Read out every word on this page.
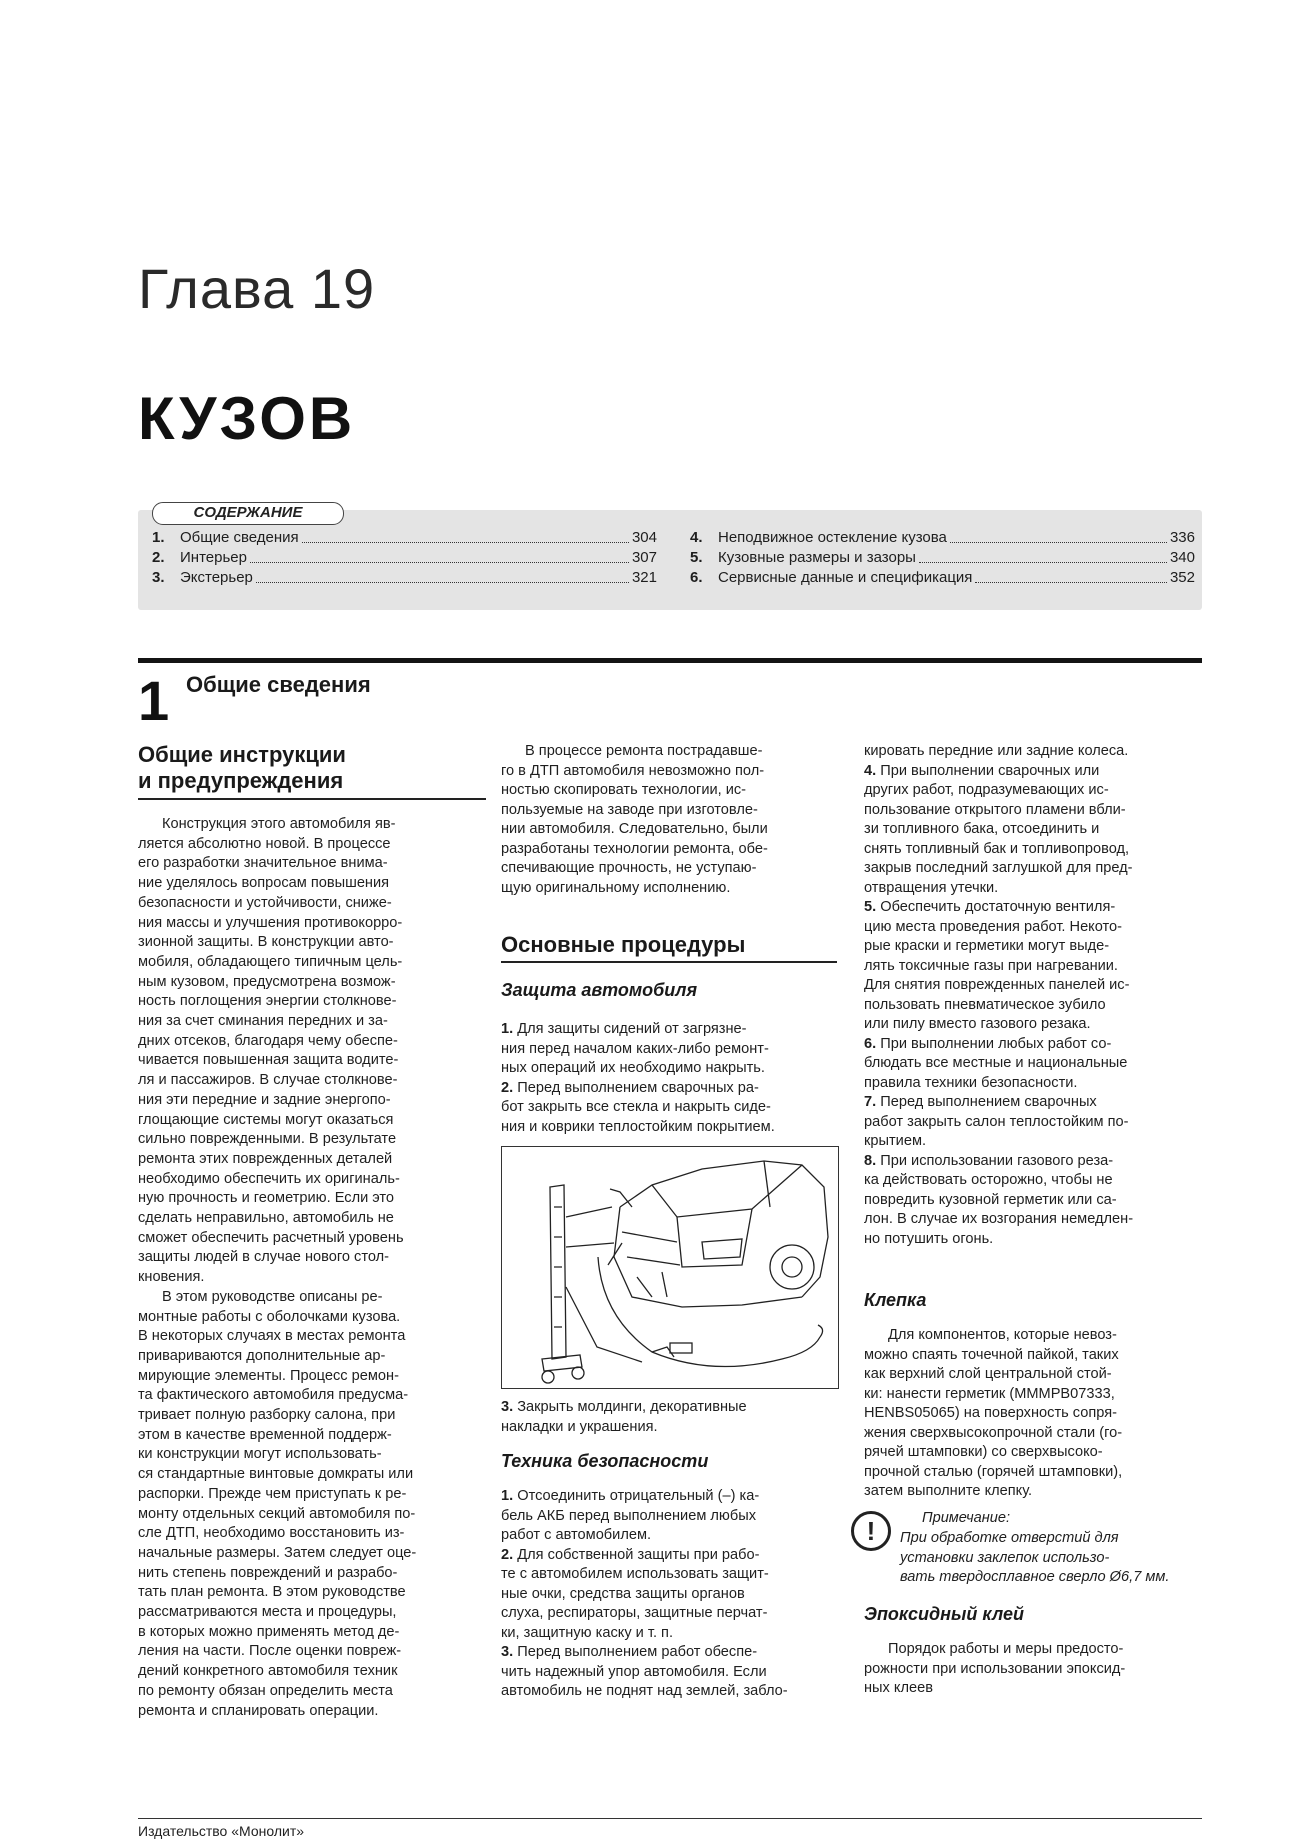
Глава 19
КУЗОВ
СОДЕРЖАНИЕ
1.	Общие сведения	304
2.	Интерьер	307
3.	Экстерьер	321
4.	Неподвижное остекление кузова	336
5.	Кузовные размеры и зазоры	340
6.	Сервисные данные и спецификация	352
1 Общие сведения
Общие инструкции
и предупреждения
Конструкция этого автомобиля яв-
ляется абсолютно новой. В процессе
его разработки значительное внима-
ние уделялось вопросам повышения
безопасности и устойчивости, сниже-
ния массы и улучшения противокорро-
зионной защиты. В конструкции авто-
мобиля, обладающего типичным цель-
ным кузовом, предусмотрена возмож-
ность поглощения энергии столкнове-
ния за счет сминания передних и за-
дних отсеков, благодаря чему обеспе-
чивается повышенная защита водите-
ля и пассажиров. В случае столкнове-
ния эти передние и задние энергопо-
глощающие системы могут оказаться
сильно поврежденными. В результате
ремонта этих поврежденных деталей
необходимо обеспечить их оригиналь-
ную прочность и геометрию. Если это
сделать неправильно, автомобиль не
сможет обеспечить расчетный уровень
защиты людей в случае нового стол-
кновения.
В этом руководстве описаны ре-
монтные работы с оболочками кузова.
В некоторых случаях в местах ремонта
привариваются дополнительные ар-
мирующие элементы. Процесс ремон-
та фактического автомобиля предусма-
тривает полную разборку салона, при
этом в качестве временной поддерж-
ки конструкции могут использовать-
ся стандартные винтовые домкраты или
распорки. Прежде чем приступать к ре-
монту отдельных секций автомобиля по-
сле ДТП, необходимо восстановить из-
начальные размеры. Затем следует оце-
нить степень повреждений и разрабо-
тать план ремонта. В этом руководстве
рассматриваются места и процедуры,
в которых можно применять метод де-
ления на части. После оценки повреж-
дений конкретного автомобиля техник
по ремонту обязан определить места
ремонта и спланировать операции.
В процессе ремонта пострадавше-
го в ДТП автомобиля невозможно пол-
ностью скопировать технологии, ис-
пользуемые на заводе при изготовле-
нии автомобиля. Следовательно, были
разработаны технологии ремонта, обе-
спечивающие прочность, не уступаю-
щую оригинальному исполнению.
Основные процедуры
Защита автомобиля
1. Для защиты сидений от загрязне-
ния перед началом каких-либо ремонт-
ных операций их необходимо накрыть.
2. Перед выполнением сварочных ра-
бот закрыть все стекла и накрыть сиде-
ния и коврики теплостойким покрытием.
3. Закрыть молдинги, декоративные
накладки и украшения.
Техника безопасности
1. Отсоединить отрицательный (–) ка-
бель АКБ перед выполнением любых
работ с автомобилем.
2. Для собственной защиты при рабо-
те с автомобилем использовать защит-
ные очки, средства защиты органов
слуха, респираторы, защитные перчат-
ки, защитную каску и т. п.
3. Перед выполнением работ обеспе-
чить надежный упор автомобиля. Если
автомобиль не поднят над землей, забло-
кировать передние или задние колеса.
4. При выполнении сварочных или
других работ, подразумевающих ис-
пользование открытого пламени вбли-
зи топливного бака, отсоединить и
снять топливный бак и топливопровод,
закрыв последний заглушкой для пред-
отвращения утечки.
5. Обеспечить достаточную вентиля-
цию места проведения работ. Некото-
рые краски и герметики могут выде-
лять токсичные газы при нагревании.
Для снятия поврежденных панелей ис-
пользовать пневматическое зубило
или пилу вместо газового резака.
6. При выполнении любых работ со-
блюдать все местные и национальные
правила техники безопасности.
7. Перед выполнением сварочных
работ закрыть салон теплостойким по-
крытием.
8. При использовании газового реза-
ка действовать осторожно, чтобы не
повредить кузовной герметик или са-
лон. В случае их возгорания немедлен-
но потушить огонь.
Клепка
Для компонентов, которые невоз-
можно спаять точечной пайкой, таких
как верхний слой центральной стой-
ки: нанести герметик (MMMPB07333,
HENBS05065) на поверхность сопря-
жения сверхвысокопрочной стали (го-
рячей штамповки) со сверхвысоко-
прочной сталью (горячей штамповки),
затем выполните клепку.
!	Примечание:
При обработке отверстий для
установки заклепок использо-
вать твердосплавное сверло Ø6,7 мм.
Эпоксидный клей
Порядок работы и меры предосто-
рожности при использовании эпоксид-
ных клеев
Издательство «Монолит»
